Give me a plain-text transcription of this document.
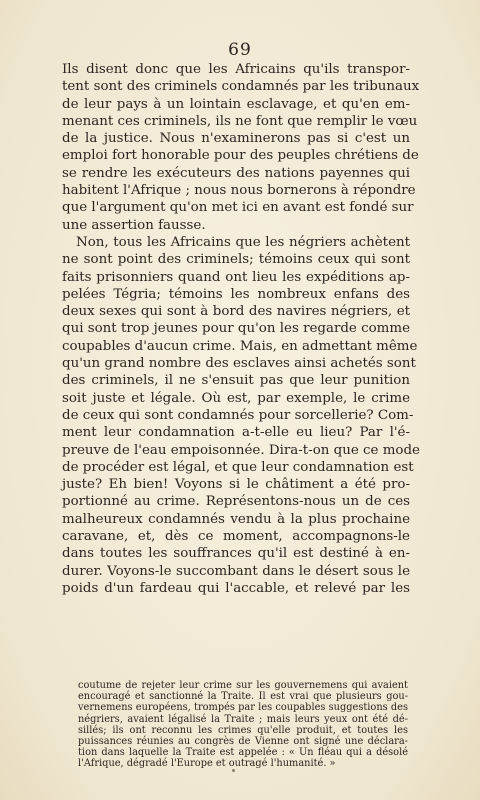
69
Ils disent donc que les Africains qu'ils transpor-
tent sont des criminels condamnés par les tribunaux
de leur pays à un lointain esclavage, et qu'en em-
menant ces criminels, ils ne font que remplir le vœu
de la justice. Nous n'examinerons pas si c'est un
emploi fort honorable pour des peuples chrétiens de
se rendre les exécuteurs des nations payennes qui
habitent l'Afrique ; nous nous bornerons à répondre
que l'argument qu'on met ici en avant est fondé sur
une assertion fausse.
Non, tous les Africains que les négriers achètent
ne sont point des criminels; témoins ceux qui sont
faits prisonniers quand ont lieu les expéditions ap-
pelées Tégria; témoins les nombreux enfans des
deux sexes qui sont à bord des navires négriers, et
qui sont trop jeunes pour qu'on les regarde comme
coupables d'aucun crime. Mais, en admettant même
qu'un grand nombre des esclaves ainsi achetés sont
des criminels, il ne s'ensuit pas que leur punition
soit juste et légale. Où est, par exemple, le crime
de ceux qui sont condamnés pour sorcellerie? Com-
ment leur condamnation a-t-elle eu lieu? Par l'é-
preuve de l'eau empoisonnée. Dira-t-on que ce mode
de procéder est légal, et que leur condamnation est
juste? Eh bien! Voyons si le châtiment a été pro-
portionné au crime. Représentons-nous un de ces
malheureux condamnés vendu à la plus prochaine
caravane, et, dès ce moment, accompagnons-le
dans toutes les souffrances qu'il est destiné à en-
durer. Voyons-le succombant dans le désert sous le
poids d'un fardeau qui l'accable, et relevé par les
coutume de rejeter leur crime sur les gouvernemens qui avaient
encouragé et sanctionné la Traite. Il est vrai que plusieurs gou-
vernemens européens, trompés par les coupables suggestions des
négriers, avaient légalisé la Traite ; mais leurs yeux ont été dé-
sillés; ils ont reconnu les crimes qu'elle produit, et toutes les
puissances réunies au congrès de Vienne ont signé une déclara-
tion dans laquelle la Traite est appelée : « Un fléau qui a désolé
l'Afrique, dégradé l'Europe et outragé l'humanité. »
